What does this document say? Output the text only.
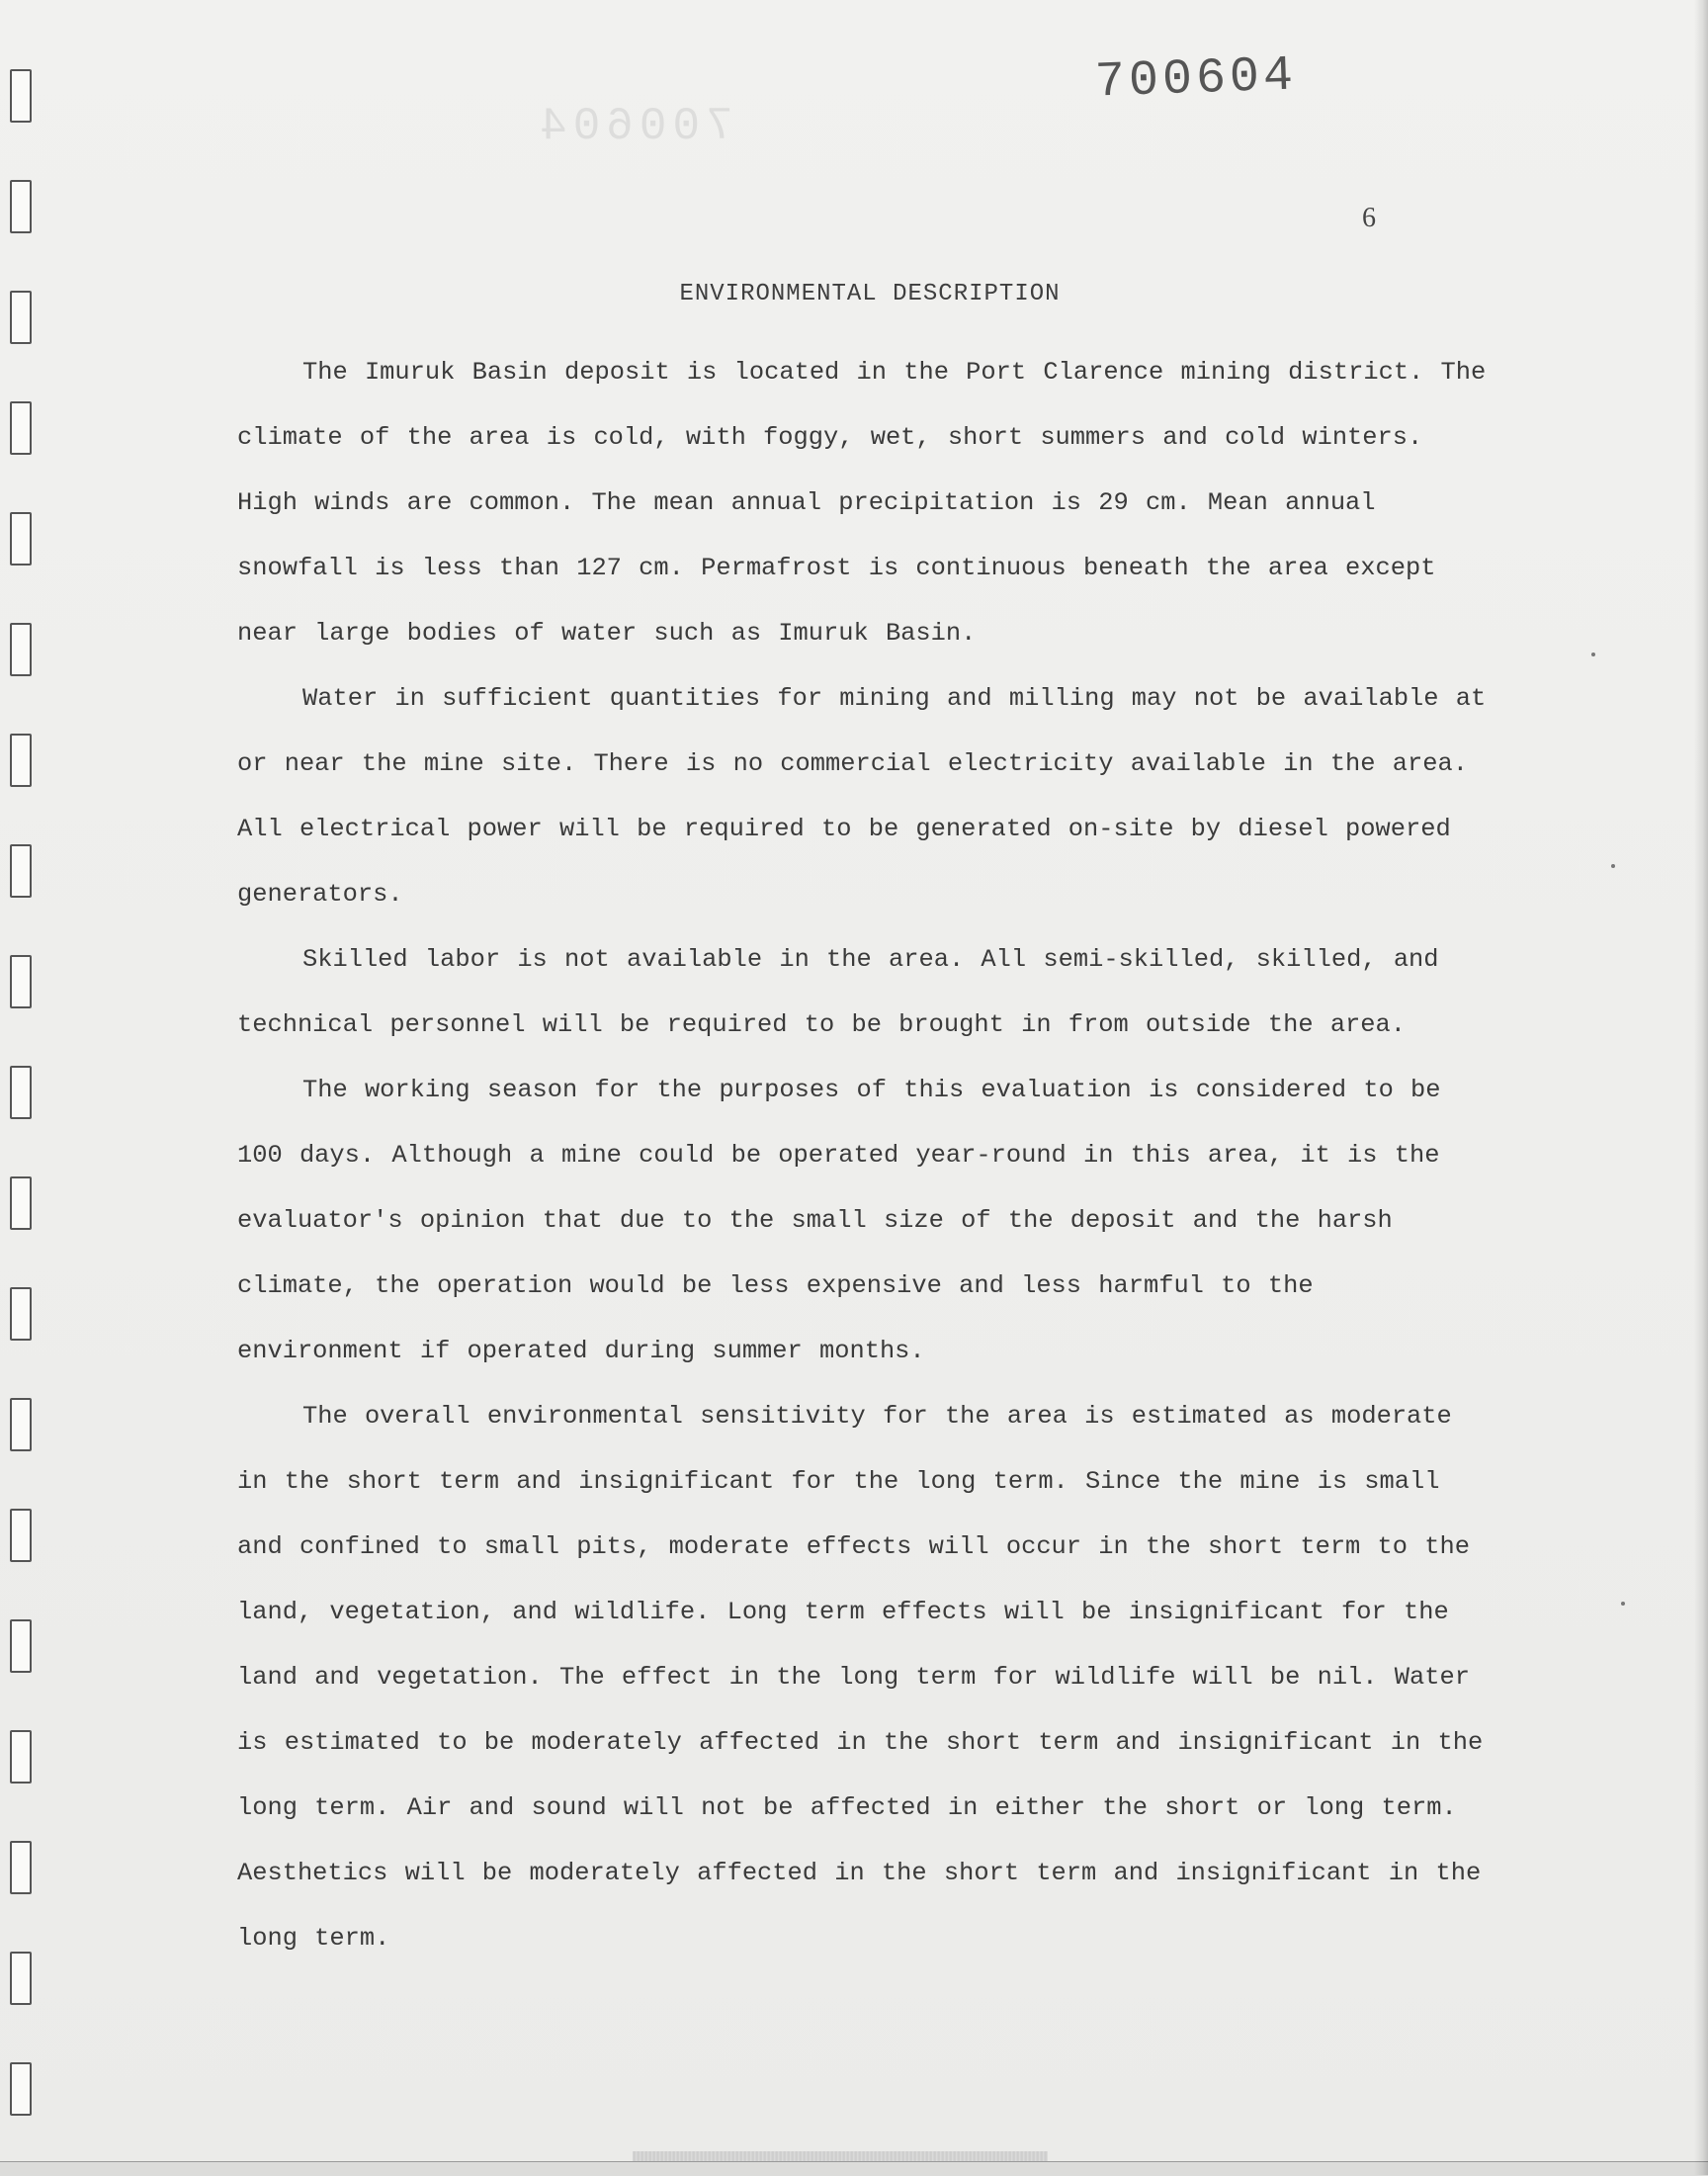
700604
700604
6
ENVIRONMENTAL DESCRIPTION

The Imuruk Basin deposit is located in the Port Clarence mining district. The climate of the area is cold, with foggy, wet, short summers and cold winters. High winds are common. The mean annual precipitation is 29 cm. Mean annual snowfall is less than 127 cm. Permafrost is continuous beneath the area except near large bodies of water such as Imuruk Basin.

Water in sufficient quantities for mining and milling may not be available at or near the mine site. There is no commercial electricity available in the area. All electrical power will be required to be generated on-site by diesel powered generators.

Skilled labor is not available in the area. All semi-skilled, skilled, and technical personnel will be required to be brought in from outside the area.

The working season for the purposes of this evaluation is considered to be 100 days. Although a mine could be operated year-round in this area, it is the evaluator's opinion that due to the small size of the deposit and the harsh climate, the operation would be less expensive and less harmful to the environment if operated during summer months.

The overall environmental sensitivity for the area is estimated as moderate in the short term and insignificant for the long term. Since the mine is small and confined to small pits, moderate effects will occur in the short term to the land, vegetation, and wildlife. Long term effects will be insignificant for the land and vegetation. The effect in the long term for wildlife will be nil. Water is estimated to be moderately affected in the short term and insignificant in the long term. Air and sound will not be affected in either the short or long term. Aesthetics will be moderately affected in the short term and insignificant in the long term.
